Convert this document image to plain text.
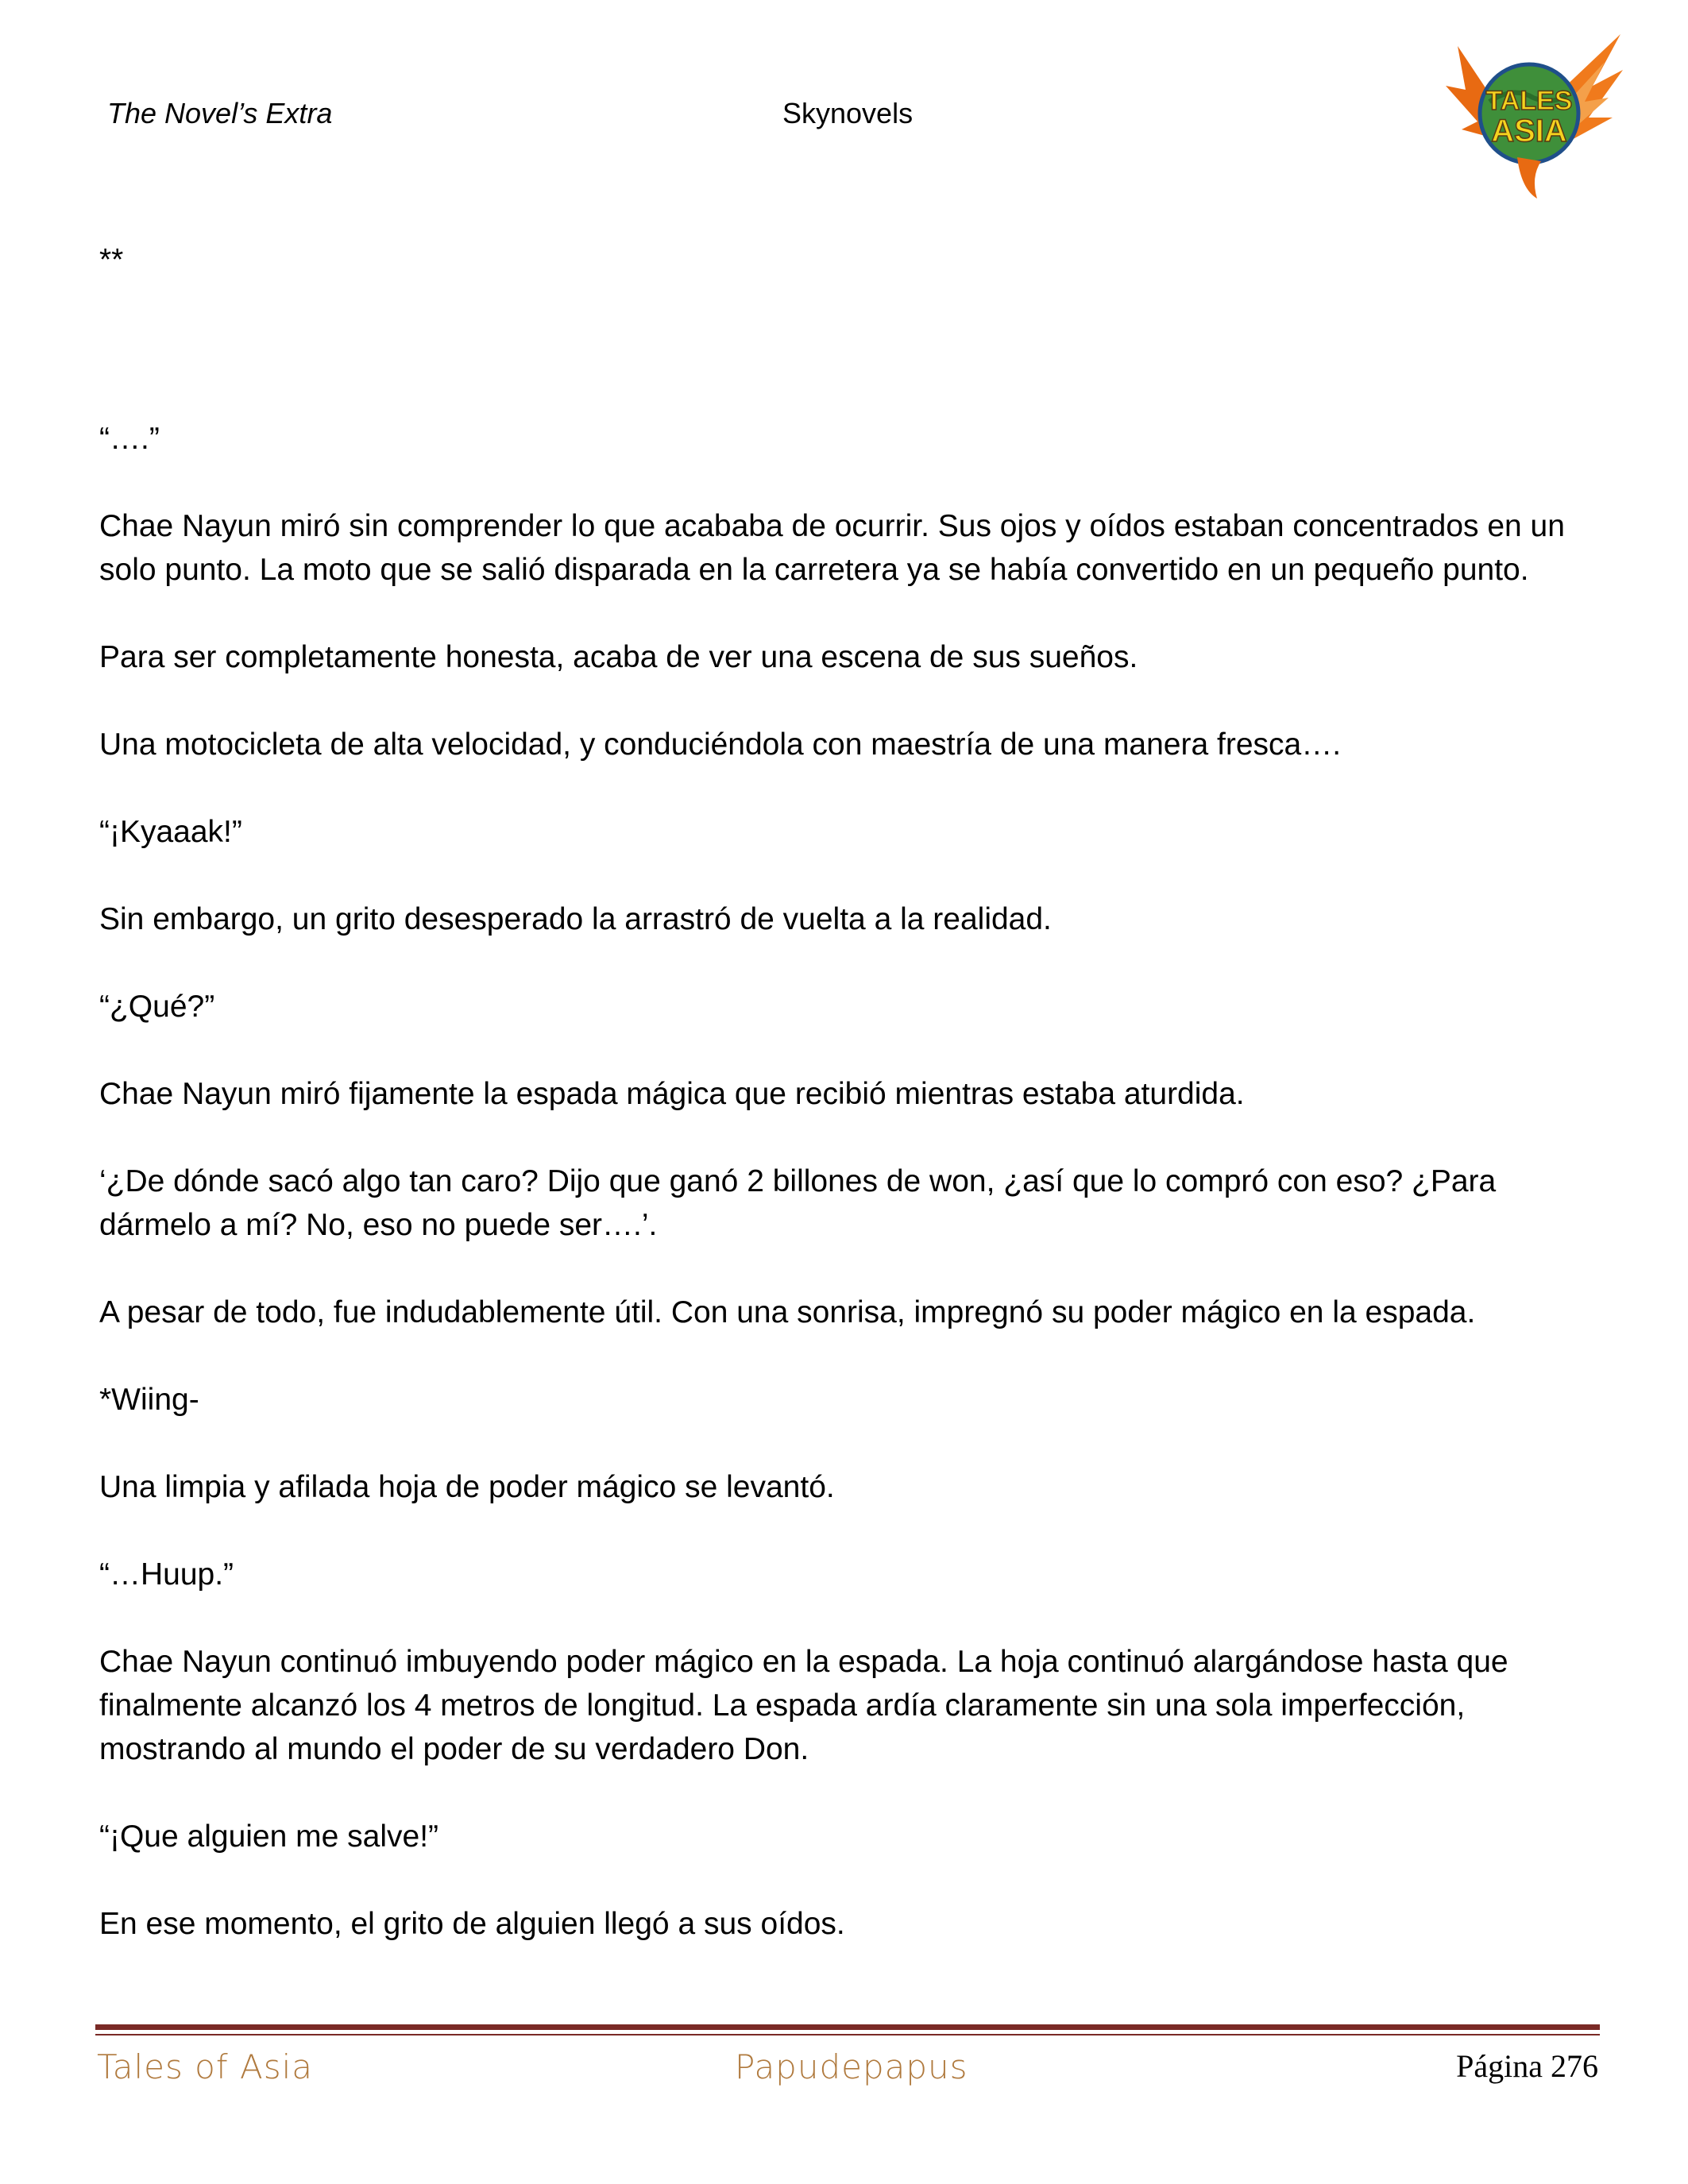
The Novel’s Extra	Skynovels	TALES
ASIA

**

“….”

Chae Nayun miró sin comprender lo que acababa de ocurrir. Sus ojos y oídos estaban concentrados en un solo punto. La moto que se salió disparada en la carretera ya se había convertido en un pequeño punto.

Para ser completamente honesta, acaba de ver una escena de sus sueños.

Una motocicleta de alta velocidad, y conduciéndola con maestría de una manera fresca….

“¡Kyaaak!”

Sin embargo, un grito desesperado la arrastró de vuelta a la realidad.

“¿Qué?”

Chae Nayun miró fijamente la espada mágica que recibió mientras estaba aturdida.

‘¿De dónde sacó algo tan caro? Dijo que ganó 2 billones de won, ¿así que lo compró con eso? ¿Para dármelo a mí? No, eso no puede ser….’.

A pesar de todo, fue indudablemente útil. Con una sonrisa, impregnó su poder mágico en la espada.

*Wiing-

Una limpia y afilada hoja de poder mágico se levantó.

“…Huup.”

Chae Nayun continuó imbuyendo poder mágico en la espada. La hoja continuó alargándose hasta que finalmente alcanzó los 4 metros de longitud. La espada ardía claramente sin una sola imperfección, mostrando al mundo el poder de su verdadero Don.

“¡Que alguien me salve!”

En ese momento, el grito de alguien llegó a sus oídos.

Tales of Asia	Papudepapus	Página 276
